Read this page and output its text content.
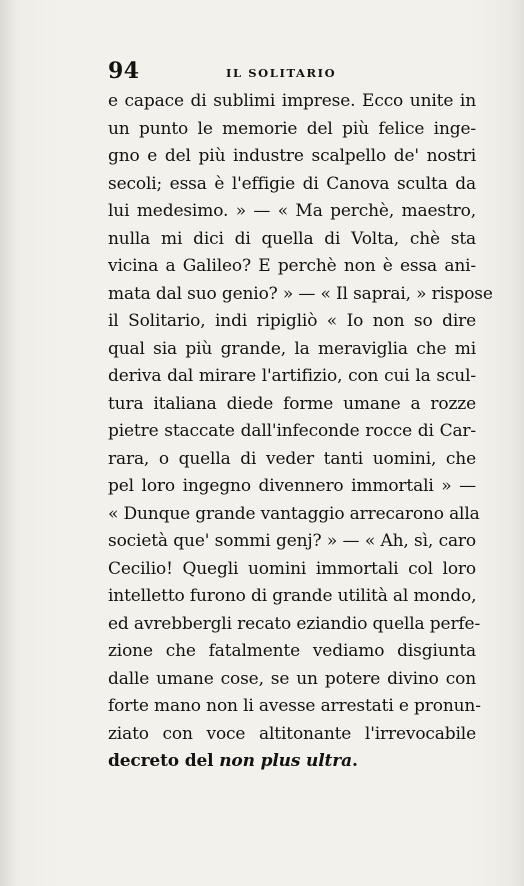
94	IL SOLITARIO
e capace di sublimi imprese. Ecco unite in
un punto le memorie del più felice inge-
gno e del più industre scalpello de' nostri
secoli; essa è l'effigie di Canova sculta da
lui medesimo. » — « Ma perchè, maestro,
nulla mi dici di quella di Volta, chè sta
vicina a Galileo? E perchè non è essa ani-
mata dal suo genio? » — « Il saprai, » rispose
il Solitario, indi ripigliò « Io non so dire
qual sia più grande, la meraviglia che mi
deriva dal mirare l'artifizio, con cui la scul-
tura italiana diede forme umane a rozze
pietre staccate dall'infeconde rocce di Car-
rara, o quella di veder tanti uomini, che
pel loro ingegno divennero immortali » —
« Dunque grande vantaggio arrecarono alla
società que' sommi genj? » — « Ah, sì, caro
Cecilio! Quegli uomini immortali col loro
intelletto furono di grande utilità al mondo,
ed avrebbergli recato eziandio quella perfe-
zione che fatalmente vediamo disgiunta
dalle umane cose, se un potere divino con
forte mano non li avesse arrestati e pronun-
ziato con voce altitonante l'irrevocabile
decreto del non plus ultra.
